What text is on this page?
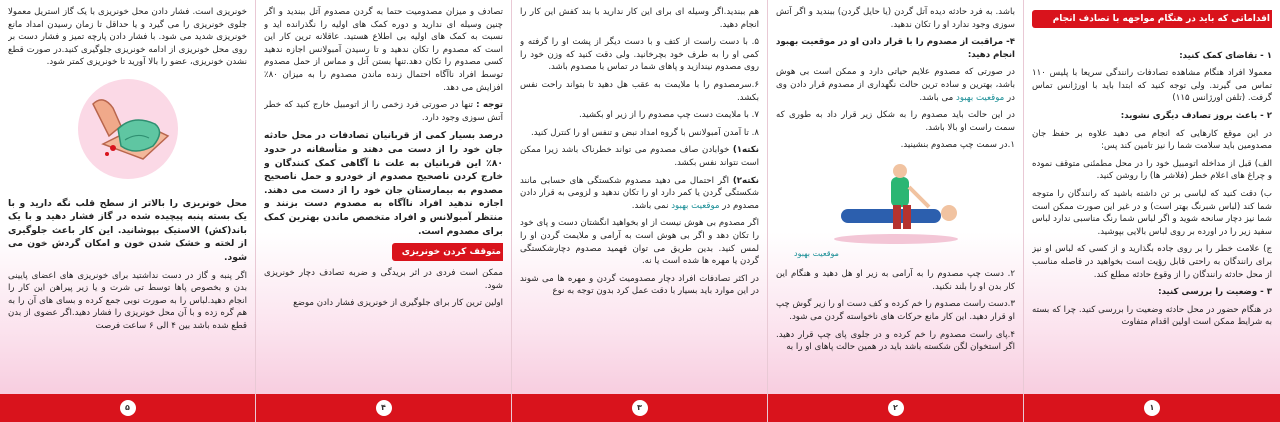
خونریزی است. فشار دادن محل خونریزی با یک گاز استریل معمولا جلوی خونریزی را می گیرد و یا حداقل تا زمان رسیدن امداد مانع خونریزی شدید می شود. با فشار دادن پارچه تمیز و فشار دست بر روی محل خونریزی از ادامه خونریزی جلوگیری کنید.در صورت قطع نشدن خونریزی، عضو را بالا آورید تا خونریزی کمتر شود.

محل خونریزی را بالاتر از سطح قلب نگه دارید و با یک بسته پنبه پیچیده شده در گاز فشار دهید و با یک باند(کش) الاستیک بپوشانید. این کار باعث جلوگیری از لخته و خشک شدن خون و امکان گردش خون می شود.

اگر پنبه و گاز در دست نداشتید برای خونریزی های اعضای پایینی بدن و بخصوص پاها توسط تی شرت و یا زیر پیراهن این کار را انجام دهید.لباس را به صورت نوبی جمع کرده و بسای های آن را به هم گره زده و با آن محل خونریزی را فشار دهید.اگر عضوی از بدن قطع شده باشد بین ۴ الی ۶ ساعت فرصت

۵

تصادف و میزان مصدومیت حتما به گردن مصدوم آتل ببندید و اگر چنین وسیله ای ندارید و دوره کمک های اولیه را نگذرانده اید و نسبت به کمک های اولیه بی اطلاع هستید. عاقلانه ترین کار این است که مصدوم را تکان ندهید و تا رسیدن آمبولانس اجازه ندهید کسی مصدوم را تکان دهد.تنها بستن آتل و مماس از حمل مصدوم توسط افراد ناآگاه احتمال زنده ماندن مصدوم را به میزان ۸۰٪ افزایش می دهد.

توجه : تنها در صورتی فرد زخمی را از اتومبیل خارج کنید که خطر آتش سوزی وجود دارد.

درصد بسیار کمی از قربانیان تصادفات در محل حادثه جان خود را از دست می دهند و متأسفانه در حدود ۸۰٪ این قربانیان به علت نا آگاهی کمک کنندگان و خارج کردن ناصحیح مصدوم از خودرو و حمل ناصحیح مصدوم به بیمارستان جان خود را از دست می دهند. اجازه ندهید افراد ناآگاه به مصدوم دست بزنند و منتظر آمبولانس و افراد متخصص ماندن بهترین کمک برای مصدوم است.

متوقف کردن خونریزی

ممکن است فردی در اثر بریدگی و ضربه تصادف دچار خونریزی شود.

اولین ترین کار برای جلوگیری از خونریزی فشار دادن موضع

۴

هم ببندید.اگر وسیله ای برای این کار ندارید با بند کفش این کار را انجام دهید.

۵. با دست راست از کتف و با دست دیگر از پشت او را گرفته و کمی او را به طرف خود بچرخانید. ولی دقت کنید که وزن خود را روی مصدوم نیندازید و پاهای شما در تماس با مصدوم باشد.

۶.سرمصدوم را با ملایمت به عقب هل دهید تا بتواند راحت نفس بکشد.

۷. با ملایمت دست چپ مصدوم را از زیر او بکشید.

۸. تا آمدن آمبولانس با گروه امداد نبض و تنفس او را کنترل کنید.

نکته۱) خوابادن صاف مصدوم می تواند خطرناک باشد زیرا ممکن است نتواند نفس بکشد.

نکته۲) اگر احتمال می دهید مصدوم شکستگی های حسابی مانند شکستگی گردن یا کمر دارد او را تکان ندهید و لزومی به قرار دادن مصدوم در موقعیت بهبود نمی باشد.

اگر مصدوم بی هوش نیست از او بخواهید انگشتان دست و پای خود را تکان دهد و اگر بی هوش است به آرامی و ملایمت گردن او را لمس کنید. بدین طریق می توان فهمید مصدوم دچارشکستگی گردن یا مهره ها شده است یا نه.

در اکثر تصادفات افراد دچار مصدومیت گردن و مهره ها می شوند در این موارد باید بسیار با دقت عمل کرد بدون توجه به نوع

۳

باشد. به فرد حادثه دیده آتل گردن (یا حایل گردن) ببندید و اگر آتش سوزی وجود ندارد او را تکان ندهید.

۴- مراقبت از مصدوم را با قرار دادن او در موقعیت بهبود انجام دهید:

در صورتی که مصدوم علایم حیاتی دارد و ممکن است بی هوش باشد، بهترین و ساده ترین حالت نگهداری از مصدوم قرار دادن وی در موقعیت بهبود می باشد.

در این حالت باید مصدوم را به شکل زیر قرار داد به طوری که سمت راست او بالا باشد.

۱.در سمت چپ مصدوم بنشینید.

موقعیت بهبود

۲. دست چپ مصدوم را به آرامی به زیر او هل دهید و هنگام این کار بدن او را بلند نکنید.

۳.دست راست مصدوم را خم کرده و کف دست او را زیر گوش چپ او قرار دهید. این کار مانع حرکات های ناخواسته گردن می شود.

۴.پای راست مصدوم را خم کرده و در جلوی پای چپ قرار دهید. اگر استخوان لگن شکسته باشد باید در همین حالت پاهای او را به

۲
اقداماتی که باید در هنگام مواجهه با تصادف انجام دهید

۱ - تقاضای کمک کنید:

معمولا افراد هنگام مشاهده تصادفات رانندگی سریعا با پلیس ۱۱۰ تماس می گیرند. ولی توجه کنید که ابتدا باید با اورژانس تماس گرفت. (تلفن اورژانس ۱۱۵)

۲ - باعث بروز تصادف دیگری نشوید:

در این موقع کارهایی که انجام می دهید علاوه بر حفظ جان مصدومین باید سلامت شما را نیز تامین کند پس:

الف) قبل از مداخله اتومبیل خود را در محل مطمئنی متوقف نموده و چراغ های اعلام خطر (فلاشر ها) را روشن کنید.

ب) دقت کنید که لباسی بر تن داشته باشید که رانندگان را متوجه شما کند (لباس شبرنگ بهتر است) و در غیر این صورت ممکن است شما نیز دچار سانحه شوید و اگر لباس شما رنگ مناسبی ندارد لباس سفید زیر را در اورده بر روی لباس بالایی بپوشید.

ج) علامت خطر را بر روی جاده بگذارید و از کسی که لباس او نیز برای رانندگان به راحتی قابل رؤیت است بخواهید در فاصله مناسب از محل حادثه رانندگان را از وقوع حادثه مطلع کند.

۳ - وضعیت را بررسی کنید:

در هنگام حضور در محل حادثه وضعیت را بررسی کنید. چرا که بسته به شرایط ممکن است اولین اقدام متفاوت

۱
